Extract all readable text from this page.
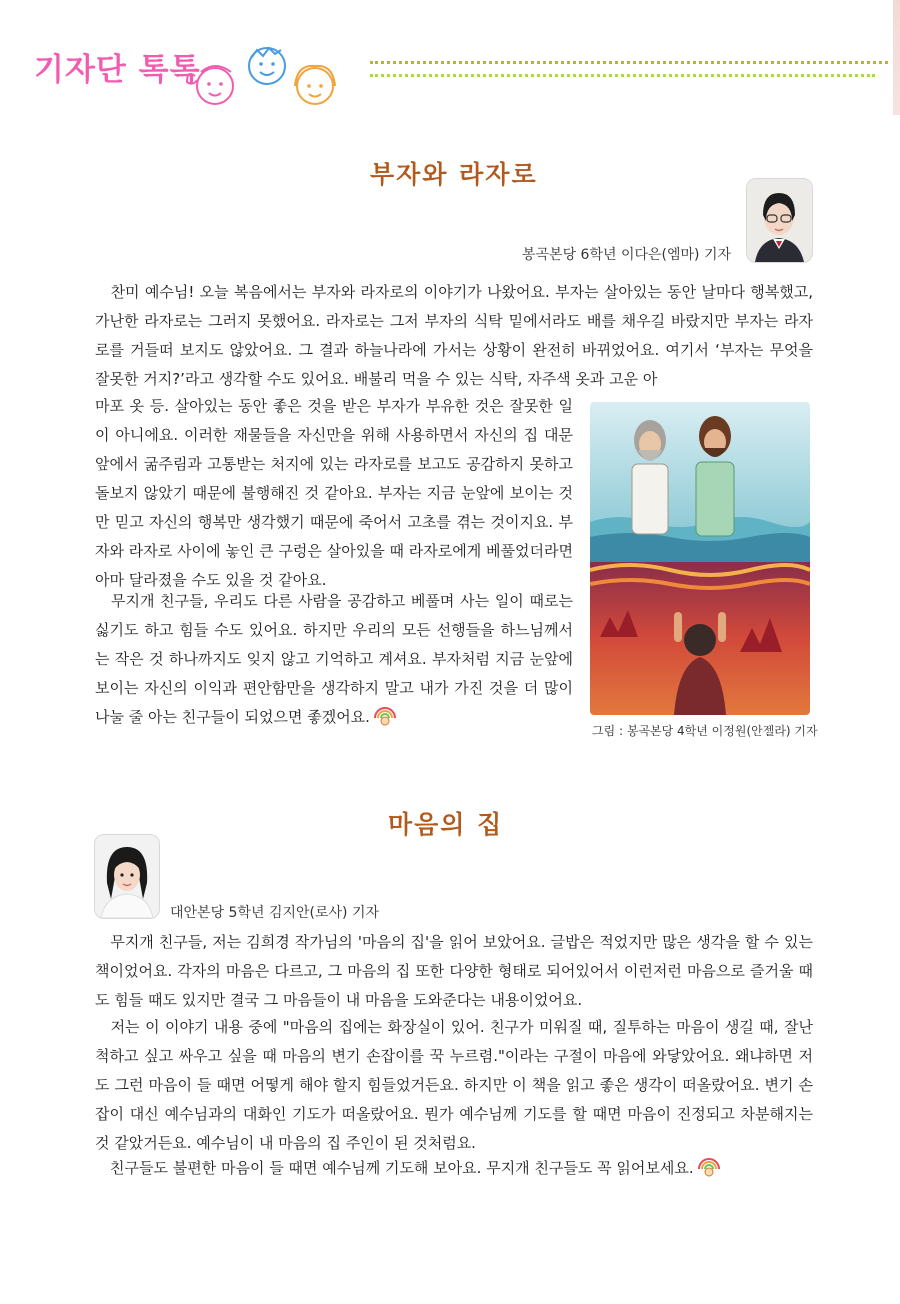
기자단 톡톡
부자와 라자로

봉곡본당 6학년 이다은(엠마) 기자

　찬미 예수님! 오늘 복음에서는 부자와 라자로의 이야기가 나왔어요. 부자는 살아있는 동안 날마다 행복했고, 가난한 라자로는 그러지 못했어요. 라자로는 그저 부자의 식탁 밑에서라도 배를 채우길 바랐지만 부자는 라자로를 거들떠 보지도 않았어요. 그 결과 하늘나라에 가서는 상황이 완전히 바뀌었어요. 여기서 ‘부자는 무엇을 잘못한 거지?’라고 생각할 수도 있어요. 배불리 먹을 수 있는 식탁, 자주색 옷과 고운 아

마포 옷 등. 살아있는 동안 좋은 것을 받은 부자가 부유한 것은 잘못한 일이 아니에요. 이러한 재물들을 자신만을 위해 사용하면서 자신의 집 대문 앞에서 굶주림과 고통받는 처지에 있는 라자로를 보고도 공감하지 못하고 돌보지 않았기 때문에 불행해진 것 같아요. 부자는 지금 눈앞에 보이는 것만 믿고 자신의 행복만 생각했기 때문에 죽어서 고초를 겪는 것이지요. 부자와 라자로 사이에 놓인 큰 구렁은 살아있을 때 라자로에게 베풀었더라면 아마 달라졌을 수도 있을 것 같아요.

　무지개 친구들, 우리도 다른 사람을 공감하고 베풀며 사는 일이 때로는 싫기도 하고 힘들 수도 있어요. 하지만 우리의 모든 선행들을 하느님께서는 작은 것 하나까지도 잊지 않고 기억하고 계셔요. 부자처럼 지금 눈앞에 보이는 자신의 이익과 편안함만을 생각하지 말고 내가 가진 것을 더 많이 나눌 줄 아는 친구들이 되었으면 좋겠어요.

그림 : 봉곡본당 4학년 이정원(안젤라) 기자

마음의 집

대안본당 5학년 김지안(로사) 기자

　무지개 친구들, 저는 김희경 작가님의 '마음의 집'을 읽어 보았어요. 글밥은 적었지만 많은 생각을 할 수 있는 책이었어요. 각자의 마음은 다르고, 그 마음의 집 또한 다양한 형태로 되어있어서 이런저런 마음으로 즐거울 때도 힘들 때도 있지만 결국 그 마음들이 내 마음을 도와준다는 내용이었어요.

　저는 이 이야기 내용 중에 "마음의 집에는 화장실이 있어. 친구가 미워질 때, 질투하는 마음이 생길 때, 잘난 척하고 싶고 싸우고 싶을 때 마음의 변기 손잡이를 꾹 누르렴."이라는 구절이 마음에 와닿았어요. 왜냐하면 저도 그런 마음이 들 때면 어떻게 해야 할지 힘들었거든요. 하지만 이 책을 읽고 좋은 생각이 떠올랐어요. 변기 손잡이 대신 예수님과의 대화인 기도가 떠올랐어요. 뭔가 예수님께 기도를 할 때면 마음이 진정되고 차분해지는 것 같았거든요. 예수님이 내 마음의 집 주인이 된 것처럼요.

　친구들도 불편한 마음이 들 때면 예수님께 기도해 보아요. 무지개 친구들도 꼭 읽어보세요.
